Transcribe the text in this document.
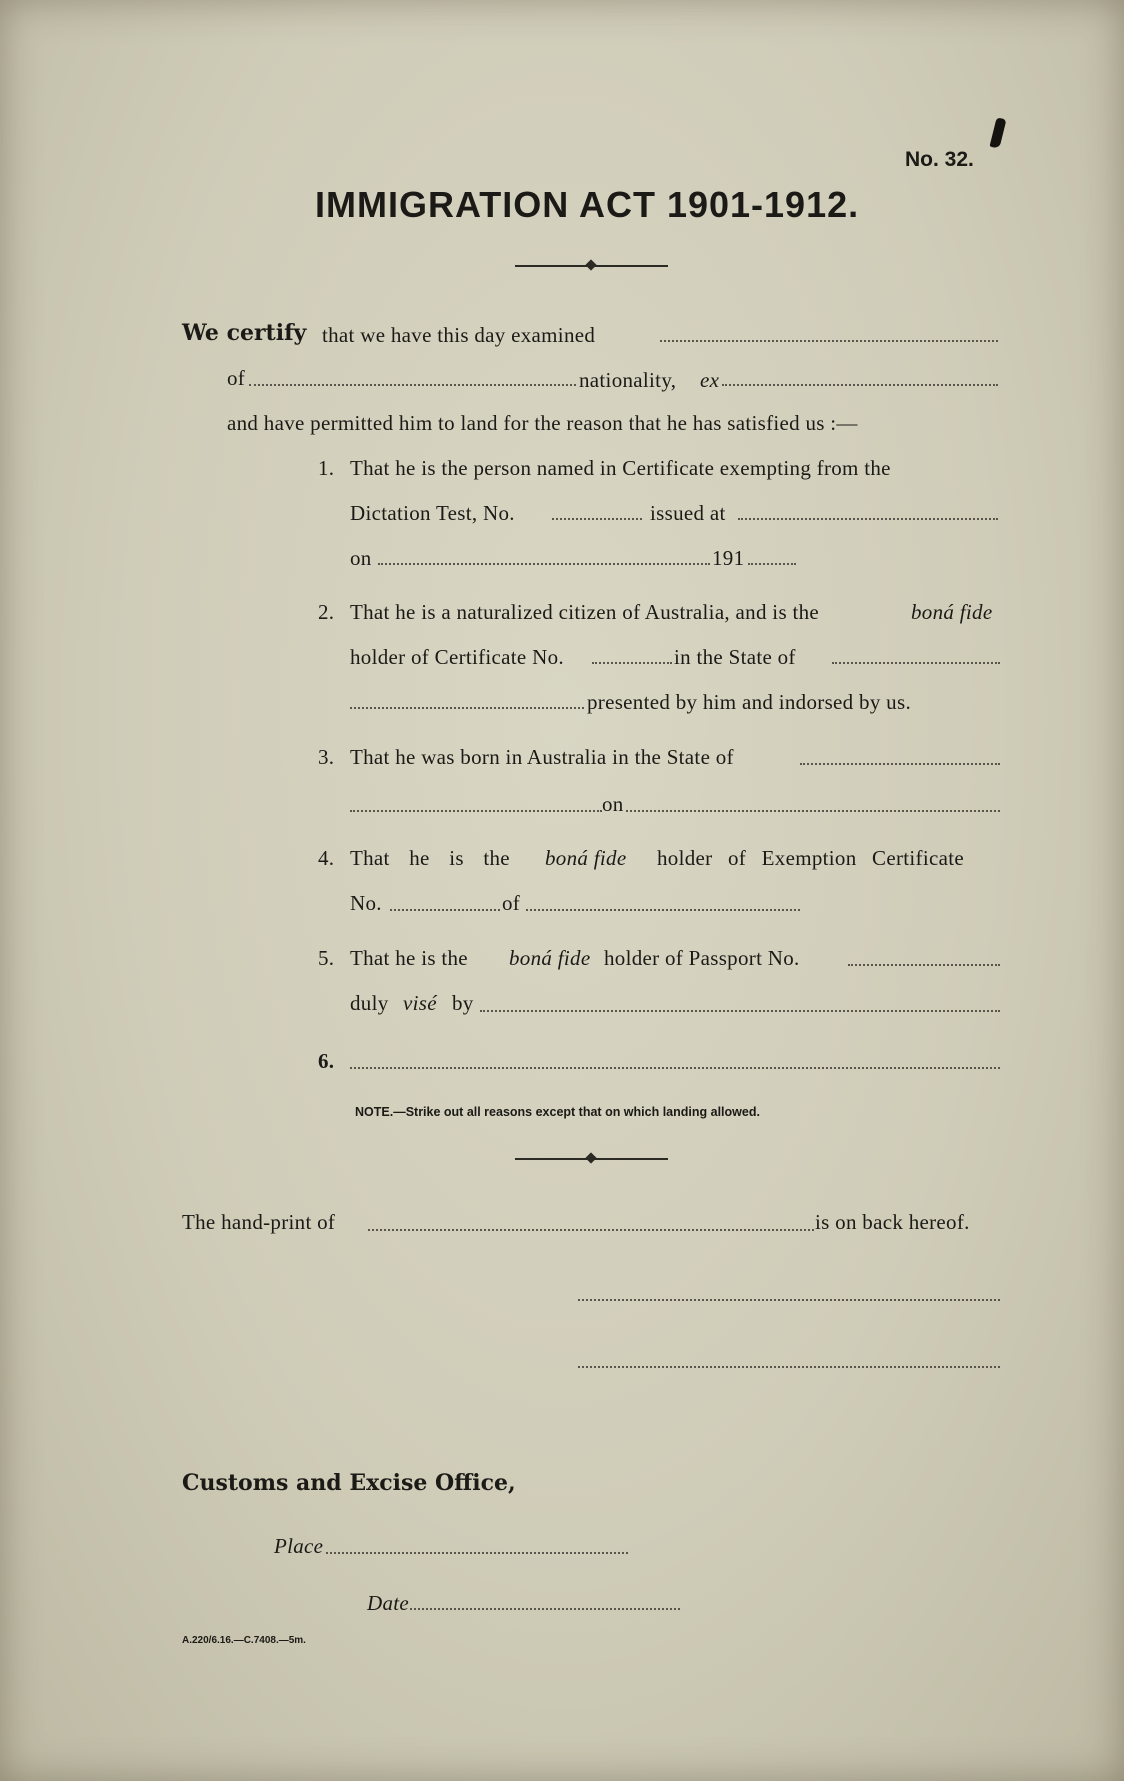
No. 32.
IMMIGRATION ACT 1901-1912.
We certify that we have this day examined
of	nationality, ex
and have permitted him to land for the reason that he has satisfied us :—
1. That he is the person named in Certificate exempting from the
Dictation Test, No.	issued at
on	191
2. That he is a naturalized citizen of Australia, and is the	boná fide
holder of Certificate No.	in the State of
presented by him and indorsed by us.
3. That he was born in Australia in the State of
on
4. That he is the boná fide holder of Exemption Certificate
No.	of
5. That he is the boná fide holder of Passport No.
duly visé by
6.
NOTE.—Strike out all reasons except that on which landing allowed.
The hand-print of	is on back hereof.
Customs and Excise Office,
Place
Date
A.220/6.16.—C.7408.—5m.
